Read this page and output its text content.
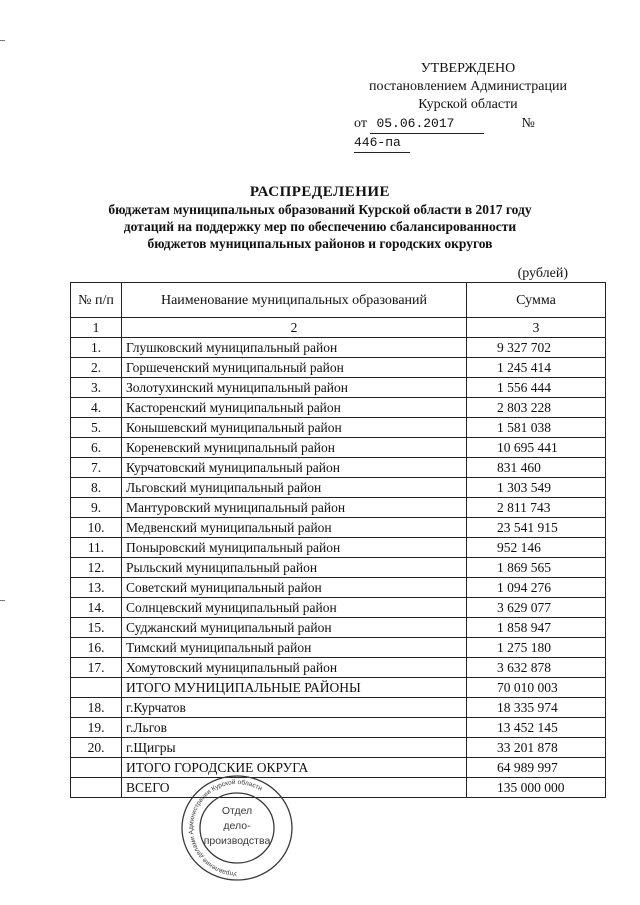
УТВЕРЖДЕНО
постановлением Администрации
Курской области
от 05.06.2017	№446-па
РАСПРЕДЕЛЕНИЕ
бюджетам муниципальных образований Курской области в 2017 году
дотаций на поддержку мер по обеспечению сбалансированности
бюджетов муниципальных районов и городских округов
(рублей)
№ п/п	Наименование муниципальных образований	Сумма
1	2	3
1.	Глушковский муниципальный район	9 327 702
2.	Горшеченский муниципальный район	1 245 414
3.	Золотухинский муниципальный район	1 556 444
4.	Касторенский муниципальный район	2 803 228
5.	Конышевский муниципальный район	1 581 038
6.	Кореневский муниципальный район	10 695 441
7.	Курчатовский муниципальный район	831 460
8.	Льговский муниципальный район	1 303 549
9.	Мантуровский муниципальный район	2 811 743
10.	Медвенский муниципальный район	23 541 915
11.	Поныровский муниципальный район	952 146
12.	Рыльский муниципальный район	1 869 565
13.	Советский муниципальный район	1 094 276
14.	Солнцевский муниципальный район	3 629 077
15.	Суджанский муниципальный район	1 858 947
16.	Тимский муниципальный район	1 275 180
17.	Хомутовский муниципальный район	3 632 878
	ИТОГО МУНИЦИПАЛЬНЫЕ РАЙОНЫ	70 010 003
18.	г.Курчатов	18 335 974
19.	г.Льгов	13 452 145
20.	г.Щигры	33 201 878
	ИТОГО ГОРОДСКИЕ ОКРУГА	64 989 997
	ВСЕГО	135 000 000
Управление делами Администрации Курской области
Отдел
дело-
производства
